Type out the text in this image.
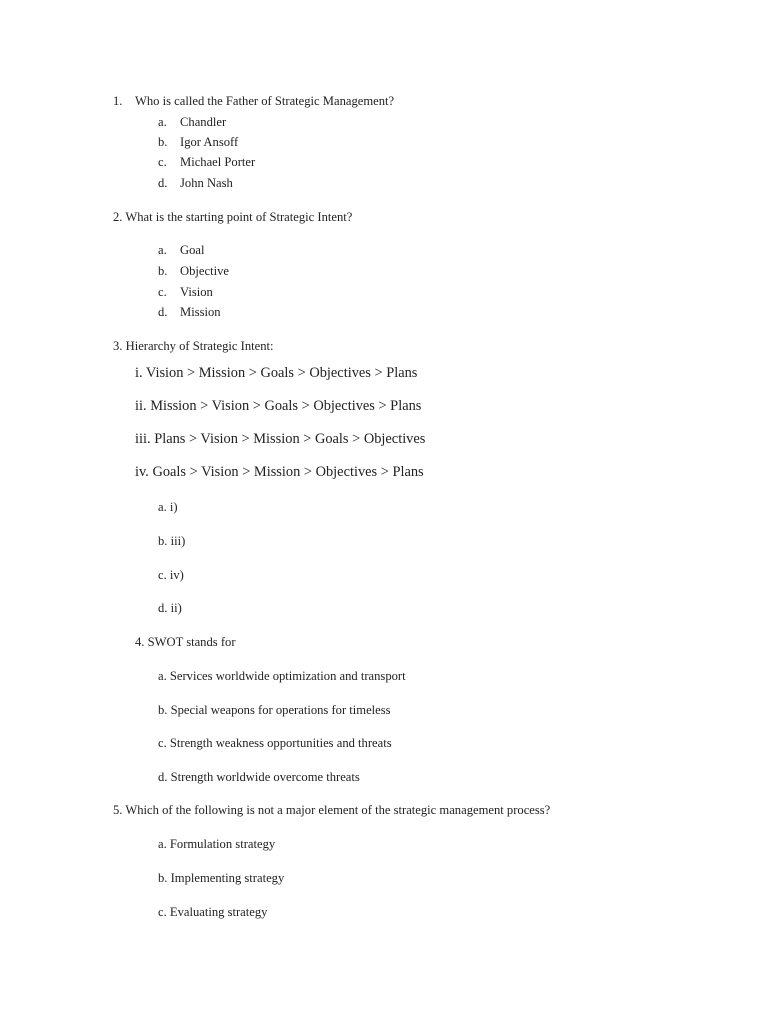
1. Who is called the Father of Strategic Management?
a. Chandler
b. Igor Ansoff
c. Michael Porter
d. John Nash
2. What is the starting point of Strategic Intent?
a. Goal
b. Objective
c. Vision
d. Mission
3. Hierarchy of Strategic Intent:
i. Vision > Mission > Goals > Objectives > Plans
ii. Mission > Vision > Goals > Objectives > Plans
iii. Plans > Vision > Mission > Goals > Objectives
iv. Goals > Vision > Mission > Objectives > Plans
a. i)
b. iii)
c. iv)
d. ii)
4. SWOT stands for
a. Services worldwide optimization and transport
b. Special weapons for operations for timeless
c. Strength weakness opportunities and threats
d. Strength worldwide overcome threats
5. Which of the following is not a major element of the strategic management process?
a. Formulation strategy
b. Implementing strategy
c. Evaluating strategy
